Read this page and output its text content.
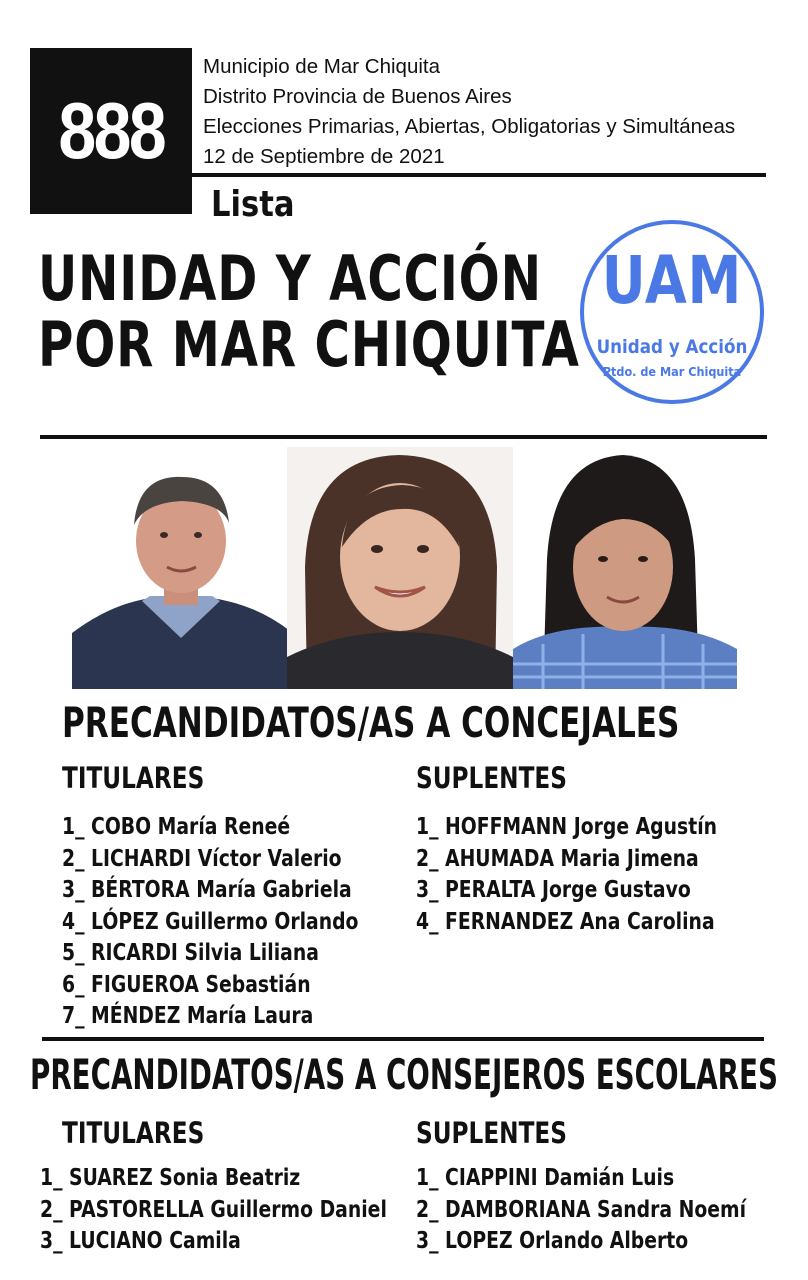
888
Municipio de Mar Chiquita
Distrito Provincia de Buenos Aires
Elecciones Primarias, Abiertas, Obligatorias y Simultáneas
12 de Septiembre de 2021
Lista
UNIDAD Y ACCIÓN
POR MAR CHIQUITA
UAM
Unidad y Acción
Ptdo. de Mar Chiquita
PRECANDIDATOS/AS A CONCEJALES
TITULARES	SUPLENTES
1_ COBO María Reneé
2_ LICHARDI Víctor Valerio
3_ BÉRTORA María Gabriela
4_ LÓPEZ Guillermo Orlando
5_ RICARDI Silvia Liliana
6_ FIGUEROA Sebastián
7_ MÉNDEZ María Laura
1_ HOFFMANN Jorge Agustín
2_ AHUMADA Maria Jimena
3_ PERALTA Jorge Gustavo
4_ FERNANDEZ Ana Carolina
PRECANDIDATOS/AS A CONSEJEROS ESCOLARES
TITULARES	SUPLENTES
1_ SUAREZ Sonia Beatriz
2_ PASTORELLA Guillermo Daniel
3_ LUCIANO Camila
1_ CIAPPINI Damián Luis
2_ DAMBORIANA Sandra Noemí
3_ LOPEZ Orlando Alberto
